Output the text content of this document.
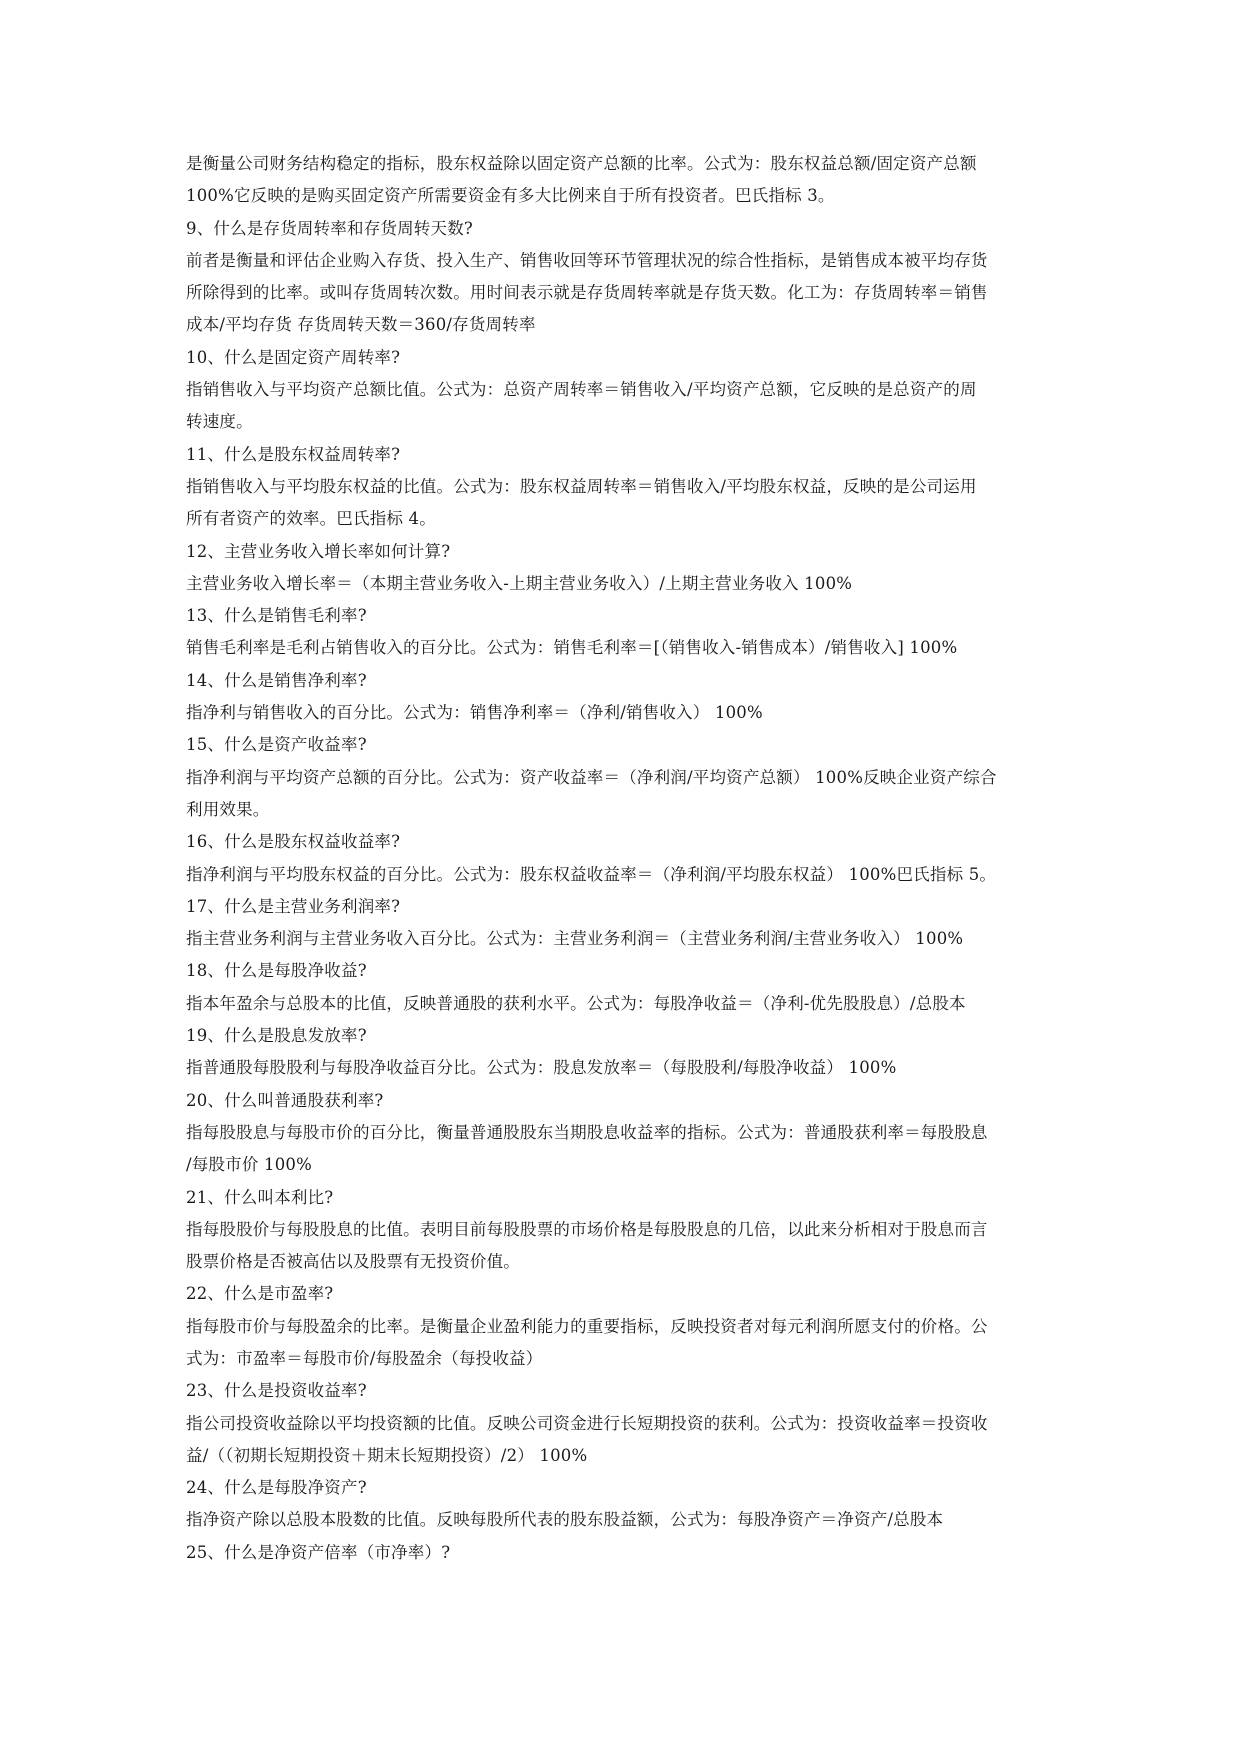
是衡量公司财务结构稳定的指标，股东权益除以固定资产总额的比率。公式为：股东权益总额/固定资产总额
100%它反映的是购买固定资产所需要资金有多大比例来自于所有投资者。巴氏指标 3。
9、什么是存货周转率和存货周转天数?
前者是衡量和评估企业购入存货、投入生产、销售收回等环节管理状况的综合性指标，是销售成本被平均存货
所除得到的比率。或叫存货周转次数。用时间表示就是存货周转率就是存货天数。化工为：存货周转率＝销售
成本/平均存货 存货周转天数＝360/存货周转率
10、什么是固定资产周转率?
指销售收入与平均资产总额比值。公式为：总资产周转率＝销售收入/平均资产总额，它反映的是总资产的周
转速度。
11、什么是股东权益周转率?
指销售收入与平均股东权益的比值。公式为：股东权益周转率＝销售收入/平均股东权益，反映的是公司运用
所有者资产的效率。巴氏指标 4。
12、主营业务收入增长率如何计算?
主营业务收入增长率＝（本期主营业务收入-上期主营业务收入）/上期主营业务收入 100%
13、什么是销售毛利率?
销售毛利率是毛利占销售收入的百分比。公式为：销售毛利率＝[（销售收入-销售成本）/销售收入] 100%
14、什么是销售净利率?
指净利与销售收入的百分比。公式为：销售净利率＝（净利/销售收入） 100%
15、什么是资产收益率?
指净利润与平均资产总额的百分比。公式为：资产收益率＝（净利润/平均资产总额） 100%反映企业资产综合
利用效果。
16、什么是股东权益收益率?
指净利润与平均股东权益的百分比。公式为：股东权益收益率＝（净利润/平均股东权益） 100%巴氏指标 5。
17、什么是主营业务利润率?
指主营业务利润与主营业务收入百分比。公式为：主营业务利润＝（主营业务利润/主营业务收入） 100%
18、什么是每股净收益?
指本年盈余与总股本的比值，反映普通股的获利水平。公式为：每股净收益＝（净利-优先股股息）/总股本
19、什么是股息发放率?
指普通股每股股利与每股净收益百分比。公式为：股息发放率＝（每股股利/每股净收益） 100%
20、什么叫普通股获利率?
指每股股息与每股市价的百分比，衡量普通股股东当期股息收益率的指标。公式为：普通股获利率＝每股股息
/每股市价 100%
21、什么叫本利比?
指每股股价与每股股息的比值。表明目前每股股票的市场价格是每股股息的几倍，以此来分析相对于股息而言
股票价格是否被高估以及股票有无投资价值。
22、什么是市盈率?
指每股市价与每股盈余的比率。是衡量企业盈利能力的重要指标，反映投资者对每元利润所愿支付的价格。公
式为：市盈率＝每股市价/每股盈余（每投收益）
23、什么是投资收益率?
指公司投资收益除以平均投资额的比值。反映公司资金进行长短期投资的获利。公式为：投资收益率＝投资收
益/（（初期长短期投资＋期末长短期投资）/2） 100%
24、什么是每股净资产?
指净资产除以总股本股数的比值。反映每股所代表的股东股益额，公式为：每股净资产＝净资产/总股本
25、什么是净资产倍率（市净率）?
